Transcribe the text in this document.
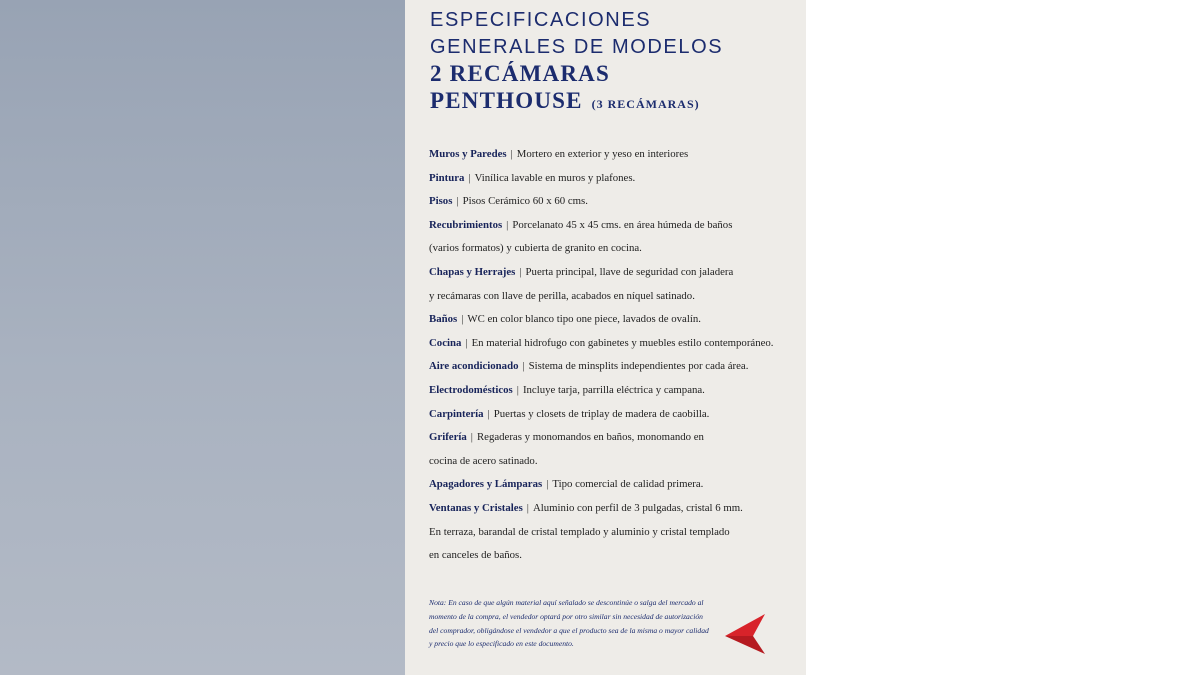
ESPECIFICACIONES
GENERALES DE MODELOS
2 RECÁMARAS
PENTHOUSE (3 RECÁMARAS)

Muros y Paredes | Mortero en exterior y yeso en interiores

Pintura | Vinílica lavable en muros y plafones.

Pisos | Pisos Cerámico 60 x 60 cms.

Recubrimientos | Porcelanato 45 x 45 cms. en área húmeda de baños

(varios formatos) y cubierta de granito en cocina.

Chapas y Herrajes | Puerta principal, llave de seguridad con jaladera

y recámaras con llave de perilla, acabados en níquel satinado.

Baños | WC en color blanco tipo one piece, lavados de ovalín.

Cocina | En material hidrofugo con gabinetes y muebles estilo contemporáneo.

Aire acondicionado | Sistema de minsplits independientes por cada área.

Electrodomésticos | Incluye tarja, parrilla eléctrica y campana.

Carpintería | Puertas y closets de triplay de madera de caobilla.

Grifería | Regaderas y monomandos en baños, monomando en

cocina de acero satinado.

Apagadores y Lámparas | Tipo comercial de calidad primera.

Ventanas y Cristales | Aluminio con perfil de 3 pulgadas, cristal 6 mm.

En terraza, barandal de cristal templado y aluminio y cristal templado

en canceles de baños.

Nota: En caso de que algún material aquí señalado se descontinúe o salga del mercado al momento de la compra, el vendedor optará por otro similar sin necesidad de autorización del comprador, obligándose el vendedor a que el producto sea de la misma o mayor calidad y precio que lo especificado en este documento.
